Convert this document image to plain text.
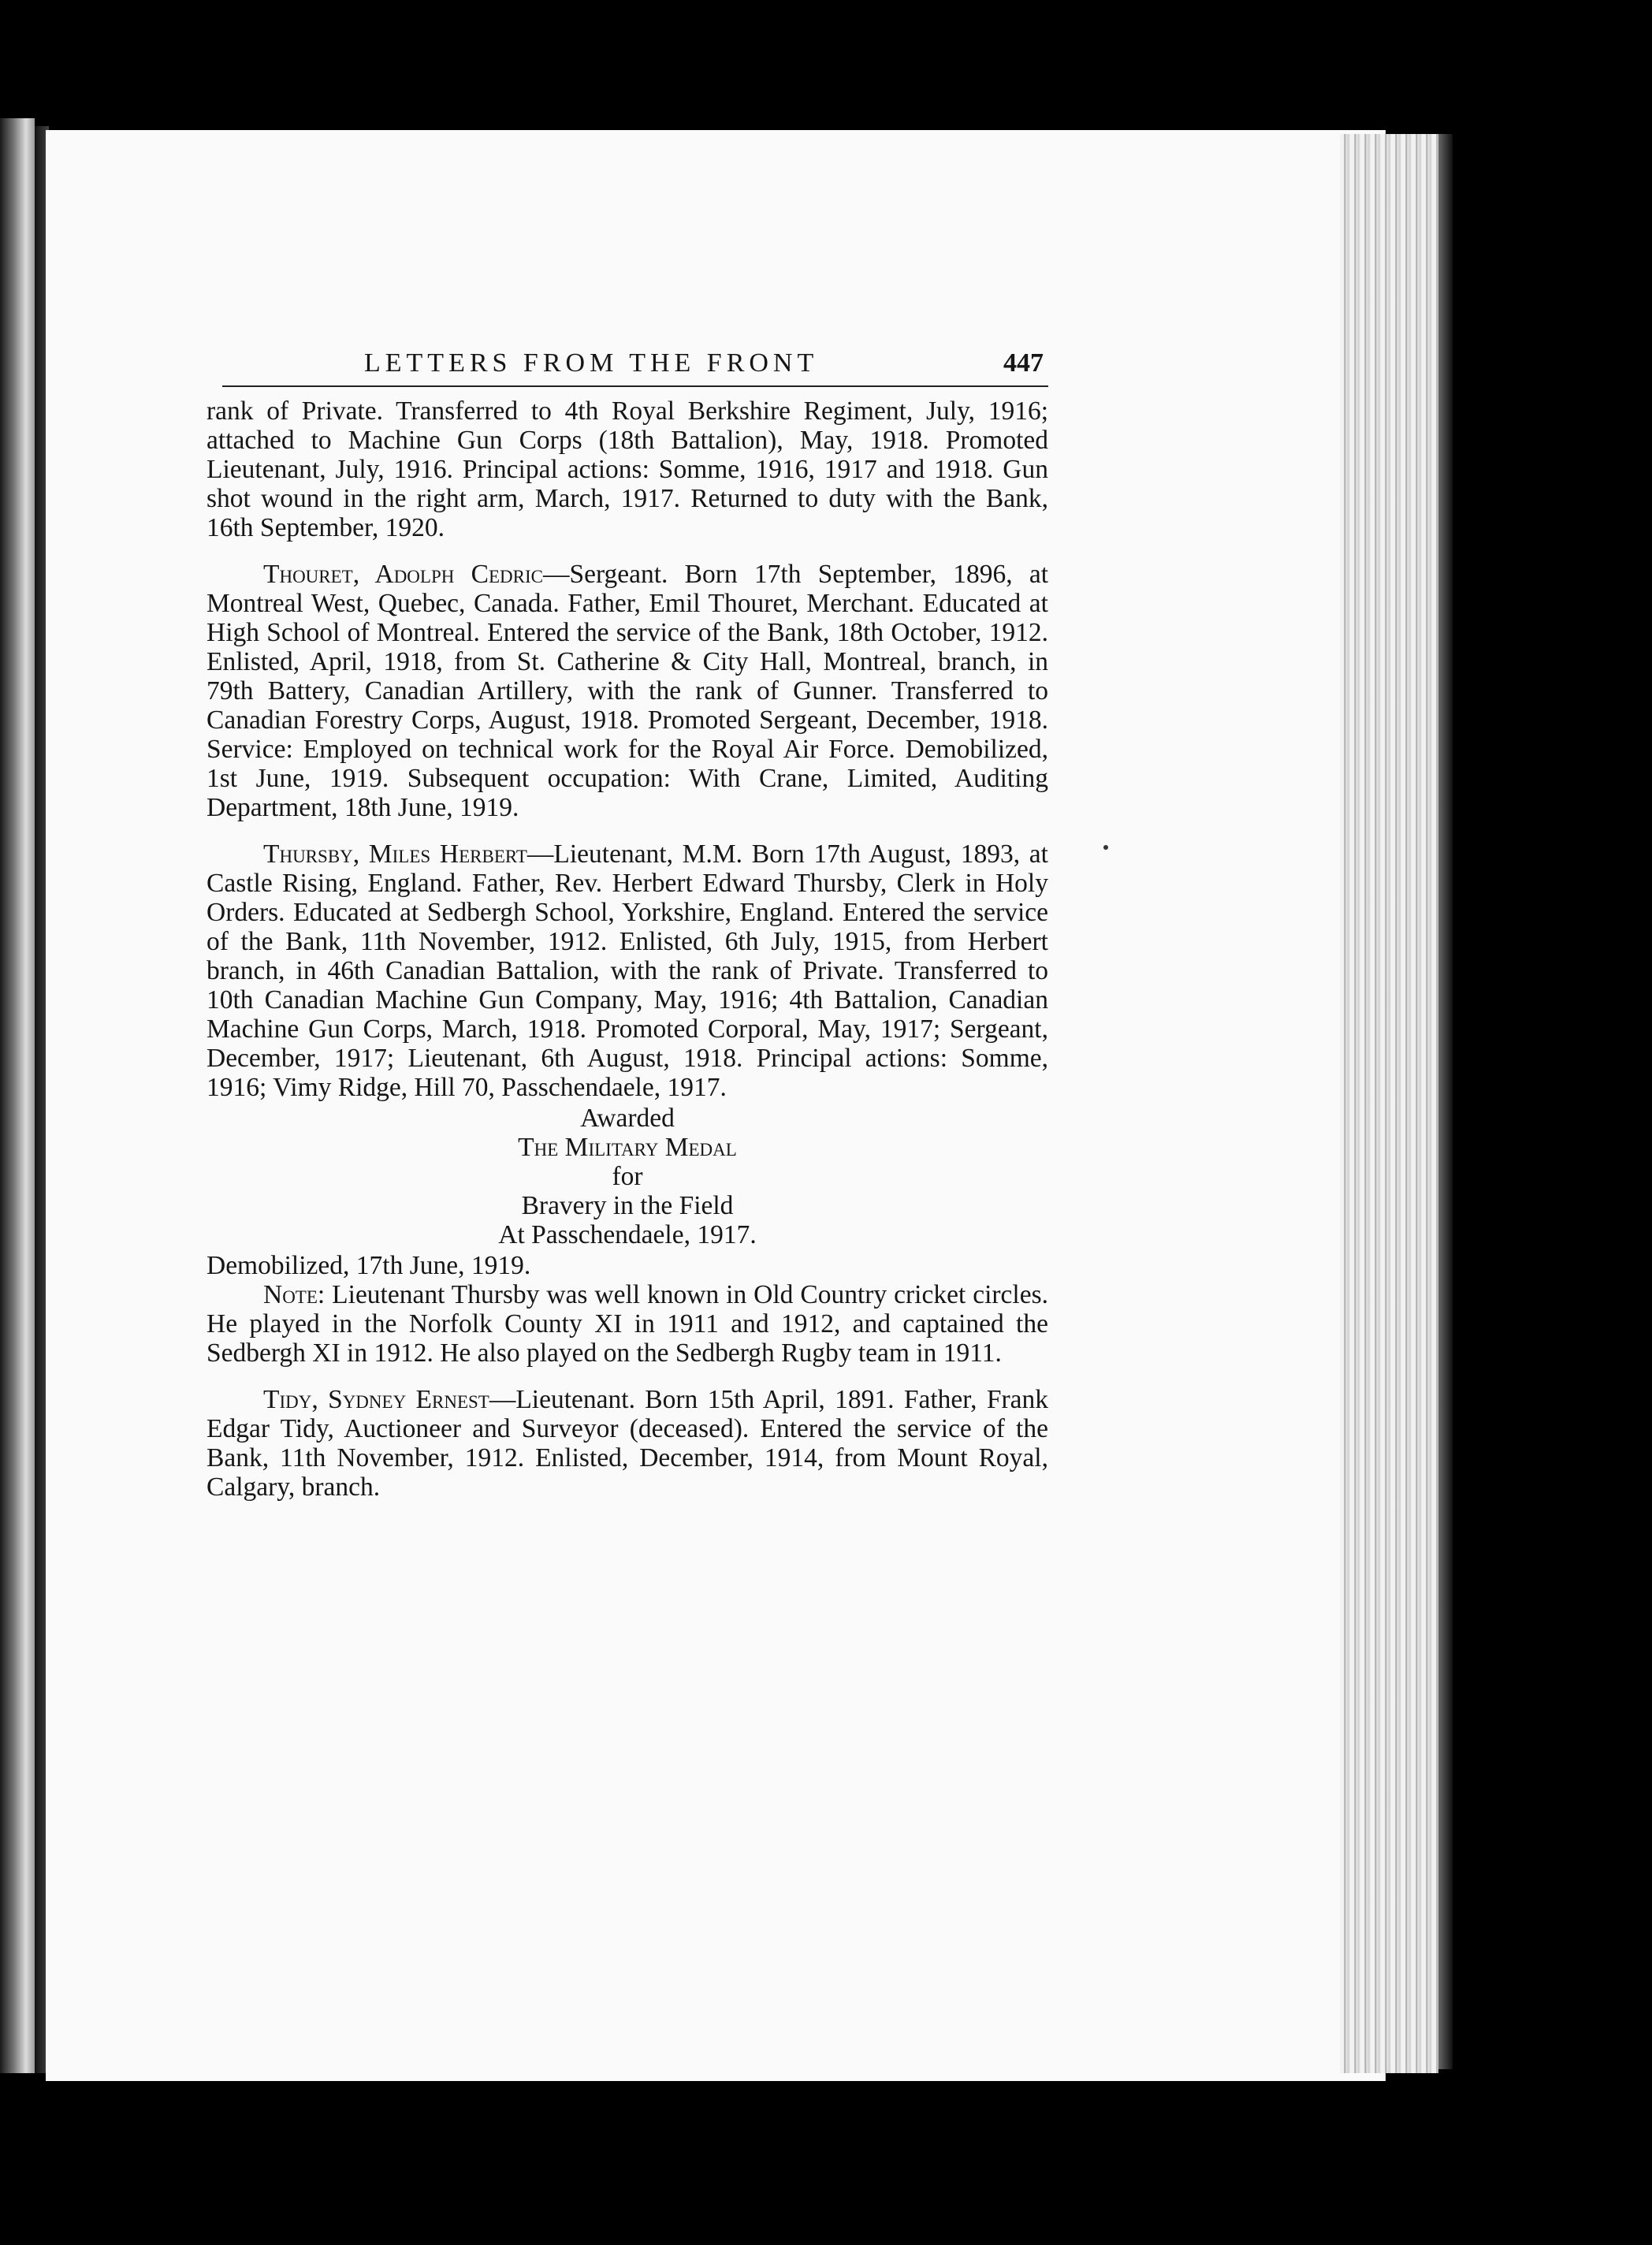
LETTERS FROM THE FRONT	447

rank of Private. Transferred to 4th Royal Berkshire Regiment, July, 1916; attached to Machine Gun Corps (18th Battalion), May, 1918. Promoted Lieutenant, July, 1916. Principal actions: Somme, 1916, 1917 and 1918. Gun shot wound in the right arm, March, 1917. Returned to duty with the Bank, 16th September, 1920.

Thouret, Adolph Cedric—Sergeant. Born 17th September, 1896, at Montreal West, Quebec, Canada. Father, Emil Thouret, Merchant. Educated at High School of Montreal. Entered the service of the Bank, 18th October, 1912. Enlisted, April, 1918, from St. Catherine & City Hall, Montreal, branch, in 79th Battery, Canadian Artillery, with the rank of Gunner. Transferred to Canadian Forestry Corps, August, 1918. Promoted Sergeant, December, 1918. Service: Employed on technical work for the Royal Air Force. Demobilized, 1st June, 1919. Subsequent occupation: With Crane, Limited, Auditing Department, 18th June, 1919.

Thursby, Miles Herbert—Lieutenant, M.M. Born 17th August, 1893, at Castle Rising, England. Father, Rev. Herbert Edward Thursby, Clerk in Holy Orders. Educated at Sedbergh School, Yorkshire, England. Entered the service of the Bank, 11th November, 1912. Enlisted, 6th July, 1915, from Herbert branch, in 46th Canadian Battalion, with the rank of Private. Transferred to 10th Canadian Machine Gun Company, May, 1916; 4th Battalion, Canadian Machine Gun Corps, March, 1918. Promoted Corporal, May, 1917; Sergeant, December, 1917; Lieutenant, 6th August, 1918. Principal actions: Somme, 1916; Vimy Ridge, Hill 70, Passchendaele, 1917.

Awarded

The Military Medal

for

Bravery in the Field

At Passchendaele, 1917.

Demobilized, 17th June, 1919.

Note: Lieutenant Thursby was well known in Old Country cricket circles. He played in the Norfolk County XI in 1911 and 1912, and captained the Sedbergh XI in 1912. He also played on the Sedbergh Rugby team in 1911.

Tidy, Sydney Ernest—Lieutenant. Born 15th April, 1891. Father, Frank Edgar Tidy, Auctioneer and Surveyor (deceased). Entered the service of the Bank, 11th November, 1912. Enlisted, December, 1914, from Mount Royal, Calgary, branch.
